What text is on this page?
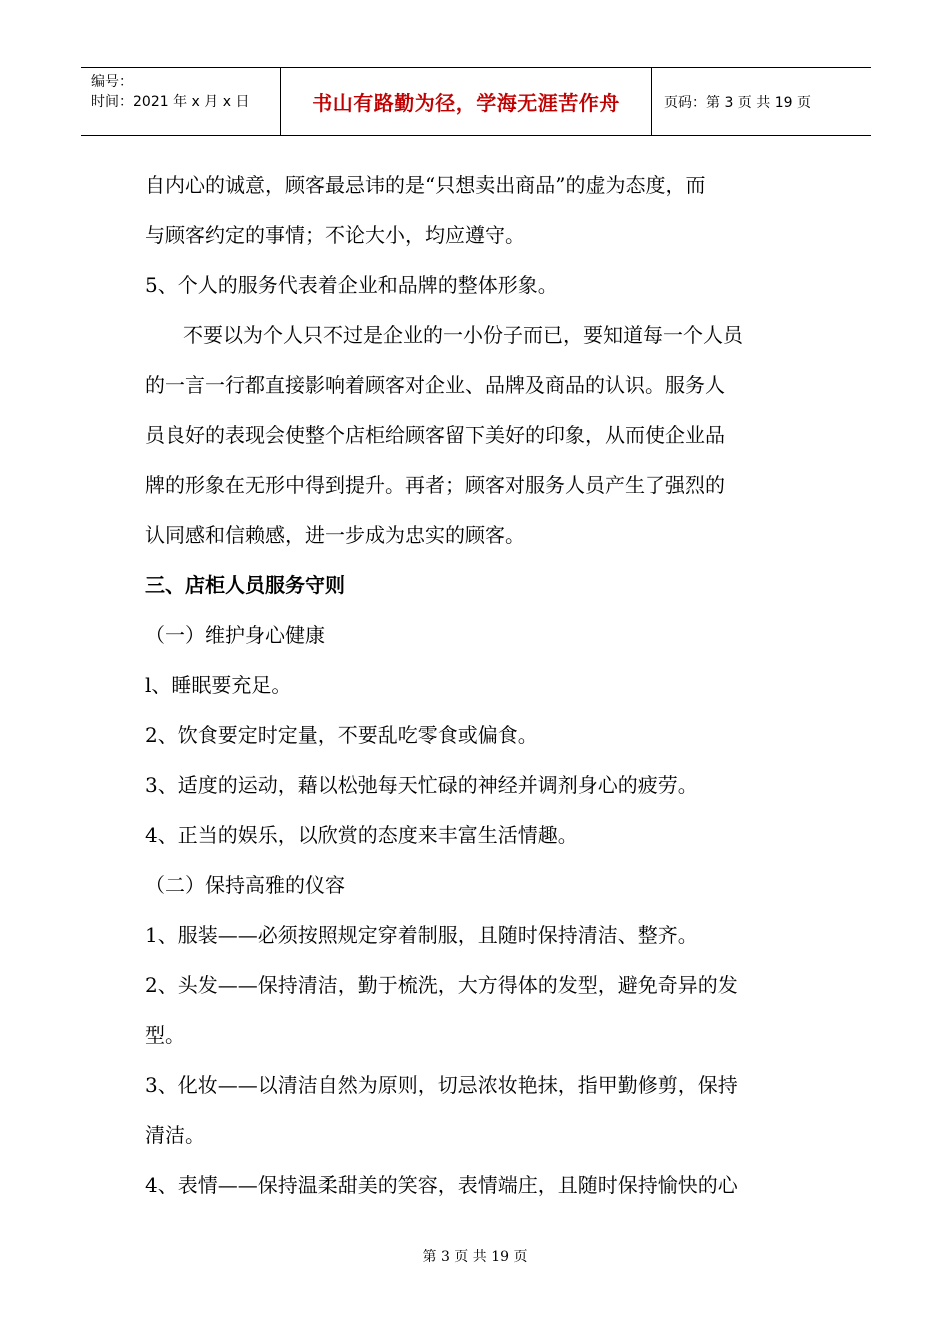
编号：
时间：2021 年 x 月 x 日	书山有路勤为径，学海无涯苦作舟	页码：第 3 页 共 19 页

自内心的诚意，顾客最忌讳的是“只想卖出商品”的虚为态度，而

与顾客约定的事情；不论大小，均应遵守。

5、个人的服务代表着企业和品牌的整体形象。

不要以为个人只不过是企业的一小份子而已，要知道每一个人员

的一言一行都直接影响着顾客对企业、品牌及商品的认识。服务人

员良好的表现会使整个店柜给顾客留下美好的印象，从而使企业品

牌的形象在无形中得到提升。再者；顾客对服务人员产生了强烈的

认同感和信赖感，进一步成为忠实的顾客。

三、店柜人员服务守则

（一）维护身心健康

l、睡眠要充足。

2、饮食要定时定量，不要乱吃零食或偏食。

3、适度的运动，藉以松弛每天忙碌的神经并调剂身心的疲劳。

4、正当的娱乐，以欣赏的态度来丰富生活情趣。

（二）保持高雅的仪容

1、服装——必须按照规定穿着制服，且随时保持清洁、整齐。

2、头发——保持清洁，勤于梳洗，大方得体的发型，避免奇异的发

型。

3、化妆——以清洁自然为原则，切忌浓妆艳抹，指甲勤修剪，保持

清洁。

4、表情——保持温柔甜美的笑容，表情端庄，且随时保持愉快的心

第 3 页 共 19 页
